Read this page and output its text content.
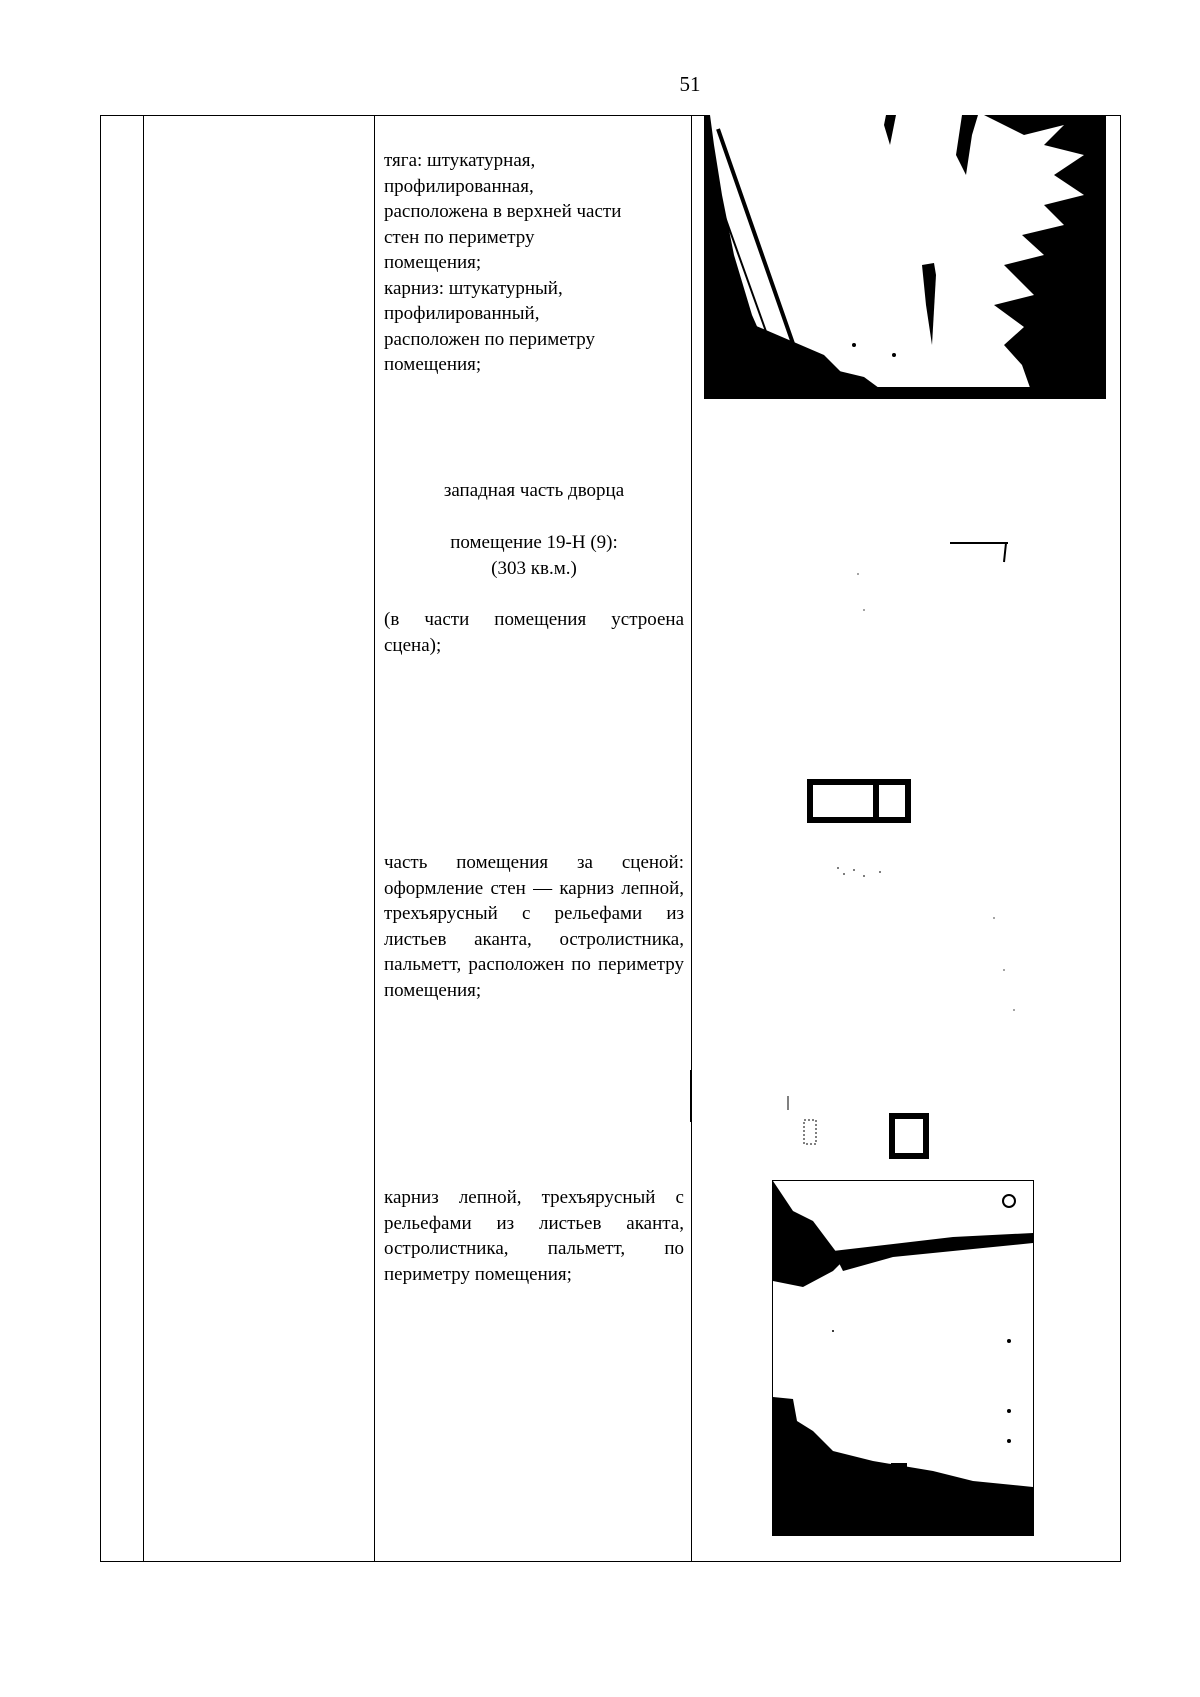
51
тяга: штукатурная,
профилированная,
расположена в верхней части
стен по периметру
помещения;
карниз: штукатурный,
профилированный,
расположен по периметру
помещения;
западная часть дворца
помещение 19-Н (9):
(303 кв.м.)
(в части помещения устроена сцена);
часть помещения за сценой: оформление стен — карниз лепной, трехъярусный с рельефами из листьев аканта, остролистника, пальметт, расположен по периметру помещения;
карниз лепной, трехъярусный с рельефами из листьев аканта, остролистника, пальметт, по периметру помещения;
